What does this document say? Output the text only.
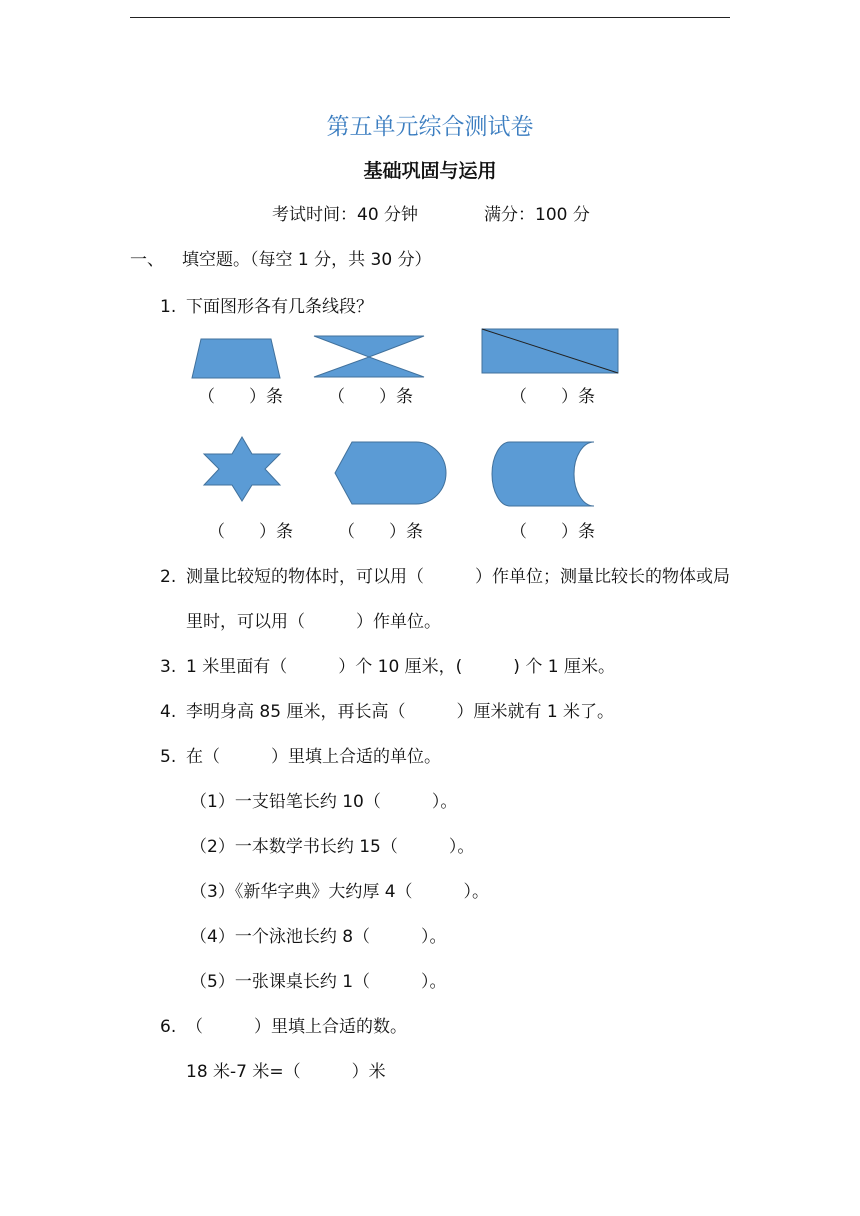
第五单元综合测试卷
基础巩固与运用
考试时间：40 分钟	满分：100 分
一、 填空题。（每空 1 分，共 30 分）
1. 下面图形各有几条线段？
（　　）条	（　　）条	（　　）条
（　　）条	（　　）条	（　　）条
2. 测量比较短的物体时，可以用（　　　）作单位；测量比较长的物体或局
里时，可以用（　　　）作单位。
3. 1 米里面有（　　　）个 10 厘米，(　　　) 个 1 厘米。
4. 李明身高 85 厘米，再长高（　　　）厘米就有 1 米了。
5. 在（　　　）里填上合适的单位。
（1）一支铅笔长约 10（　　　）。
（2）一本数学书长约 15（　　　）。
（3）《新华字典》大约厚 4（　　　）。
（4）一个泳池长约 8（　　　）。
（5）一张课桌长约 1（　　　）。
6. （　　　）里填上合适的数。
18 米-7 米=（　　　）米
